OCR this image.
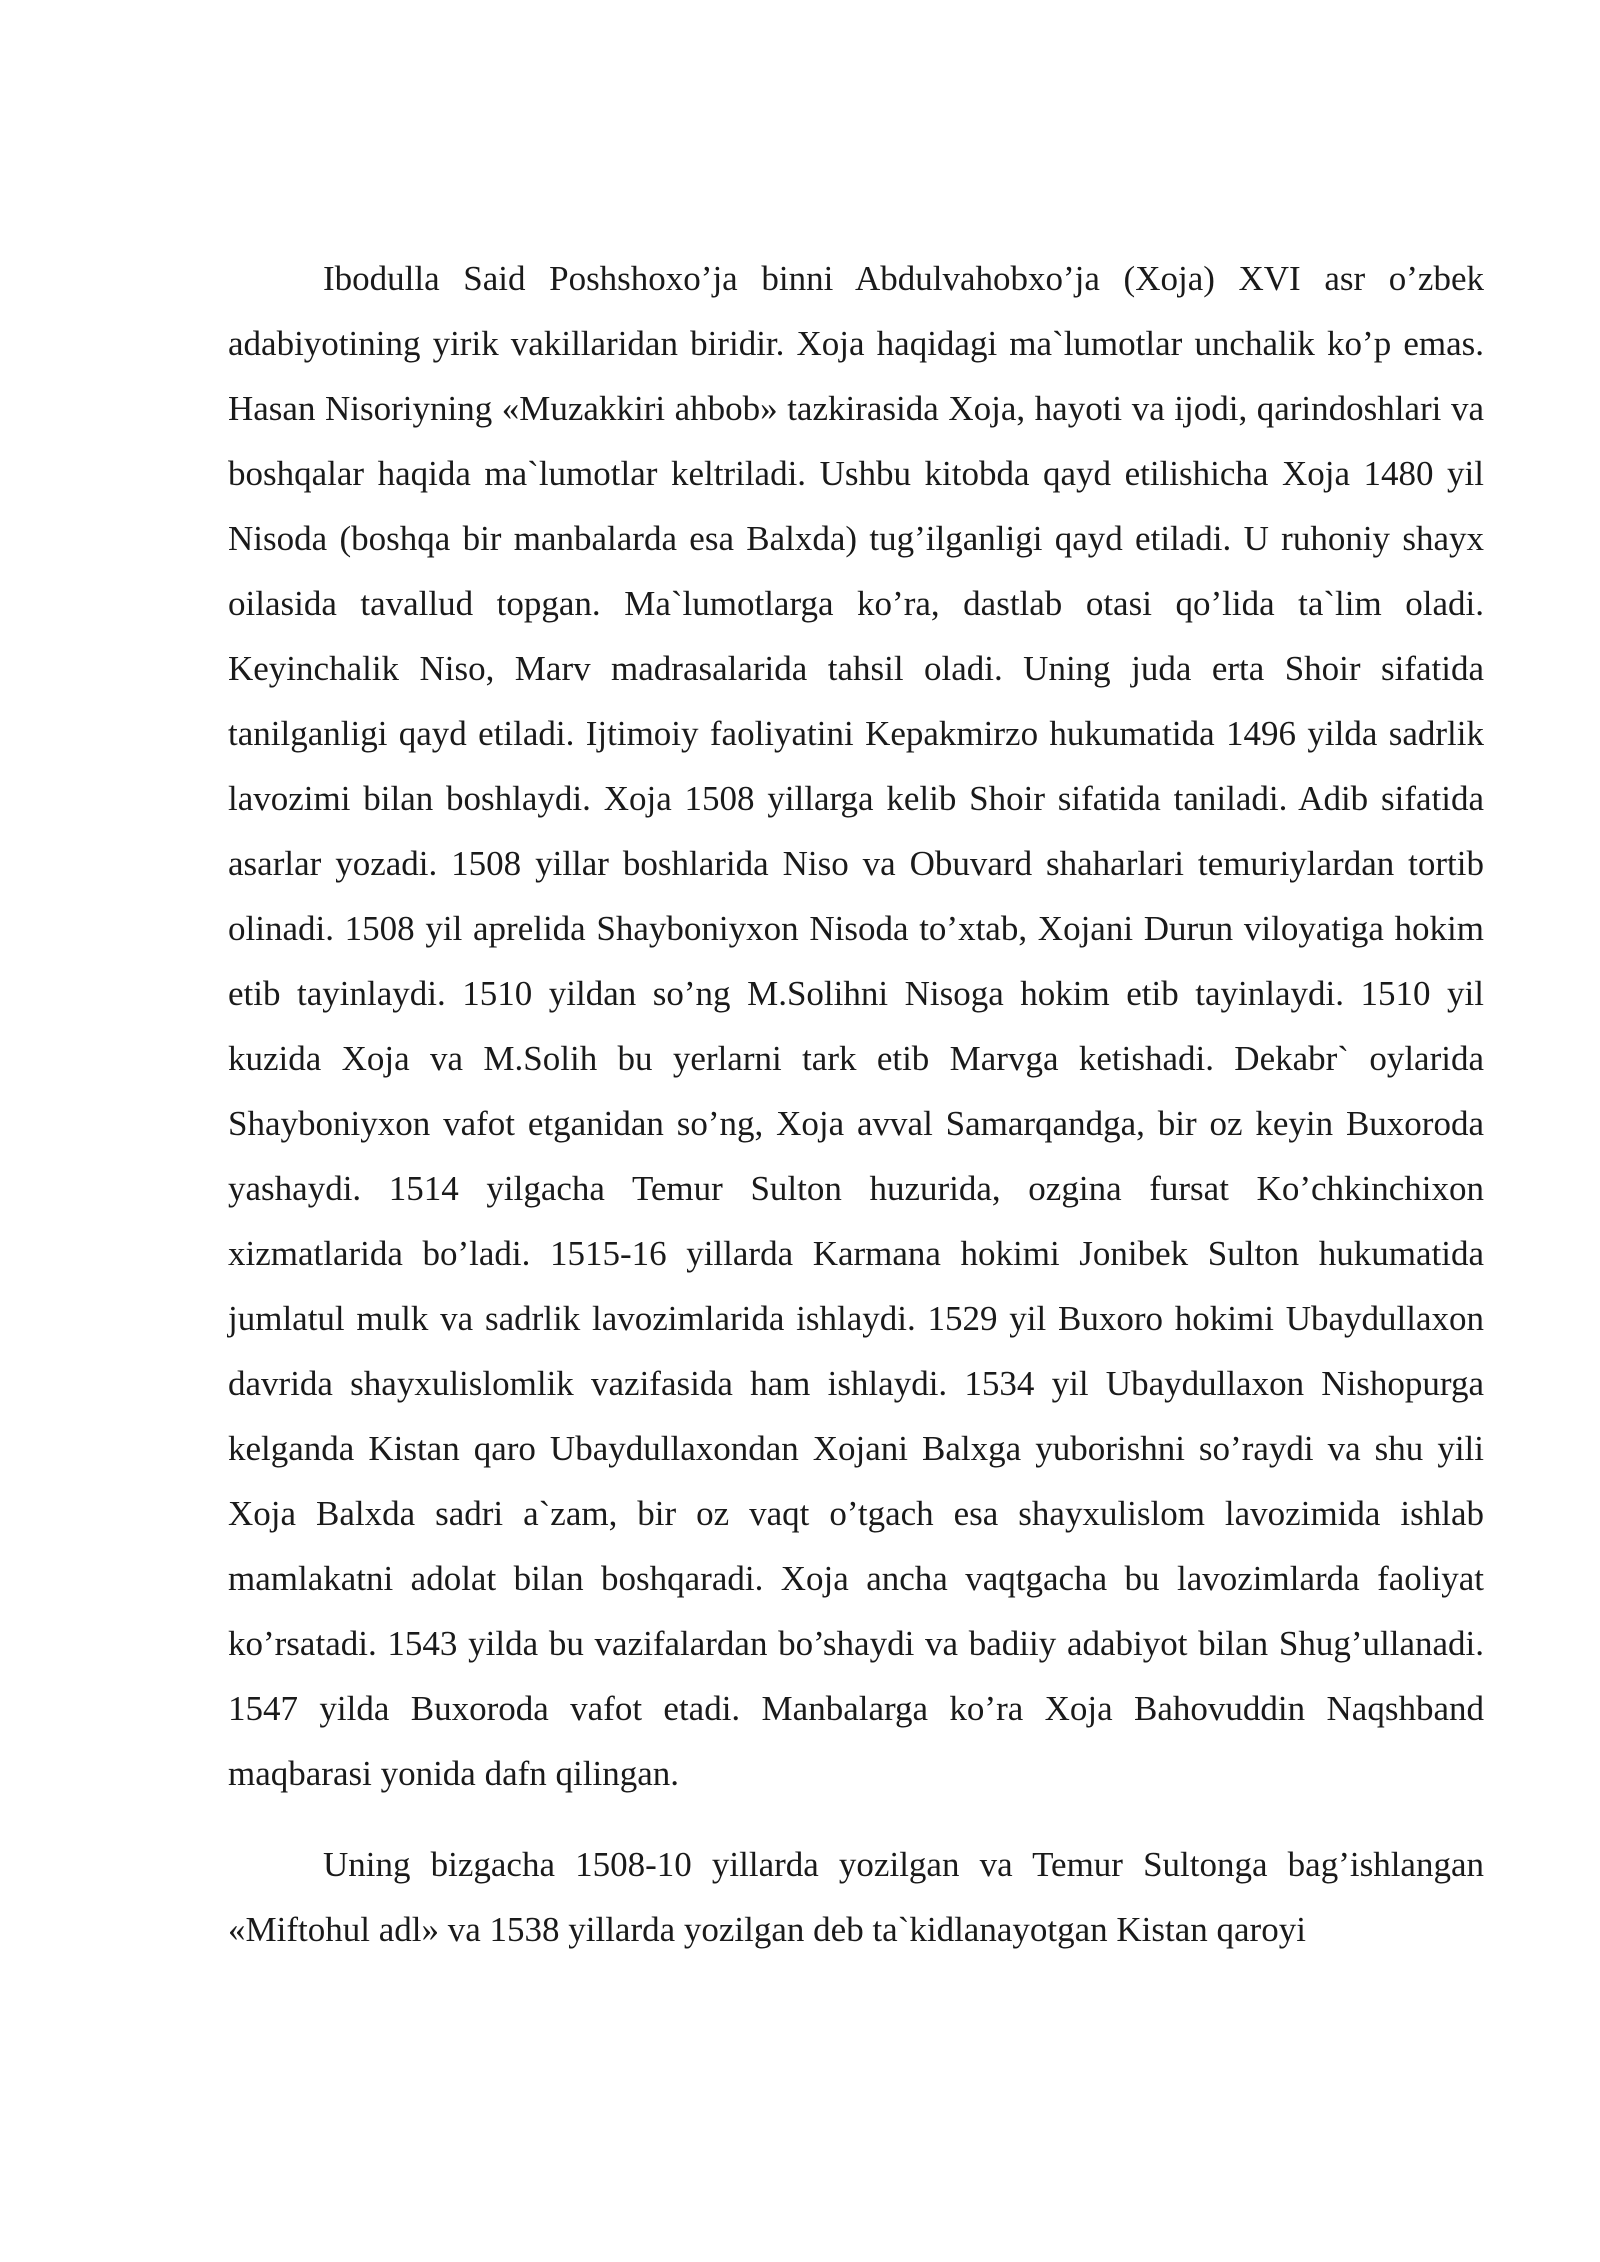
Ibodulla Said Poshshoxo’ja binni Abdulvahobxo’ja (Xoja) XVI asr o’zbek adabiyotining yirik vakillaridan biridir. Xoja haqidagi ma`lumotlar unchalik ko’p emas. Hasan Nisoriyning «Muzakkiri ahbob» tazkirasida Xoja, hayoti va ijodi, qarindoshlari va boshqalar haqida ma`lumotlar keltriladi. Ushbu kitobda qayd etilishicha Xoja 1480 yil Nisoda (boshqa bir manbalarda esa Balxda) tug’ilganligi qayd etiladi. U ruhoniy shayx oilasida tavallud topgan. Ma`lumotlarga ko’ra, dastlab otasi qo’lida ta`lim oladi. Keyinchalik Niso, Marv madrasalarida tahsil oladi. Uning juda erta Shoir sifatida tanilganligi qayd etiladi. Ijtimoiy faoliyatini Kepakmirzo hukumatida 1496 yilda sadrlik lavozimi bilan boshlaydi. Xoja 1508 yillarga kelib Shoir sifatida taniladi. Adib sifatida asarlar yozadi. 1508 yillar boshlarida Niso va Obuvard shaharlari temuriylardan tortib olinadi. 1508 yil aprelida Shayboniyxon Nisoda to’xtab, Xojani Durun viloyatiga hokim etib tayinlaydi. 1510 yildan so’ng M.Solihni Nisoga hokim etib tayinlaydi. 1510 yil kuzida Xoja va M.Solih bu yerlarni tark etib Marvga ketishadi. Dekabr` oylarida Shayboniyxon vafot etganidan so’ng, Xoja avval Samarqandga, bir oz keyin Buxoroda yashaydi. 1514 yilgacha Temur Sulton huzurida, ozgina fursat Ko’chkinchixon xizmatlarida bo’ladi. 1515-16 yillarda Karmana hokimi Jonibek Sulton hukumatida jumlatul mulk va sadrlik lavozimlarida ishlaydi. 1529 yil Buxoro hokimi Ubaydullaxon davrida shayxulislomlik vazifasida ham ishlaydi. 1534 yil Ubaydullaxon Nishopurga kelganda Kistan qaro Ubaydullaxondan Xojani Balxga yuborishni so’raydi va shu yili Xoja Balxda sadri a`zam, bir oz vaqt o’tgach esa shayxulislom lavozimida ishlab mamlakatni adolat bilan boshqaradi. Xoja ancha vaqtgacha bu lavozimlarda faoliyat ko’rsatadi. 1543 yilda bu vazifalardan bo’shaydi va badiiy adabiyot bilan Shug’ullanadi. 1547 yilda Buxoroda vafot etadi. Manbalarga ko’ra Xoja Bahovuddin Naqshband maqbarasi yonida dafn qilingan.

Uning bizgacha 1508-10 yillarda yozilgan va Temur Sultonga bag’ishlangan «Miftohul adl» va 1538 yillarda yozilgan deb ta`kidlanayotgan Kistan qaroyi
